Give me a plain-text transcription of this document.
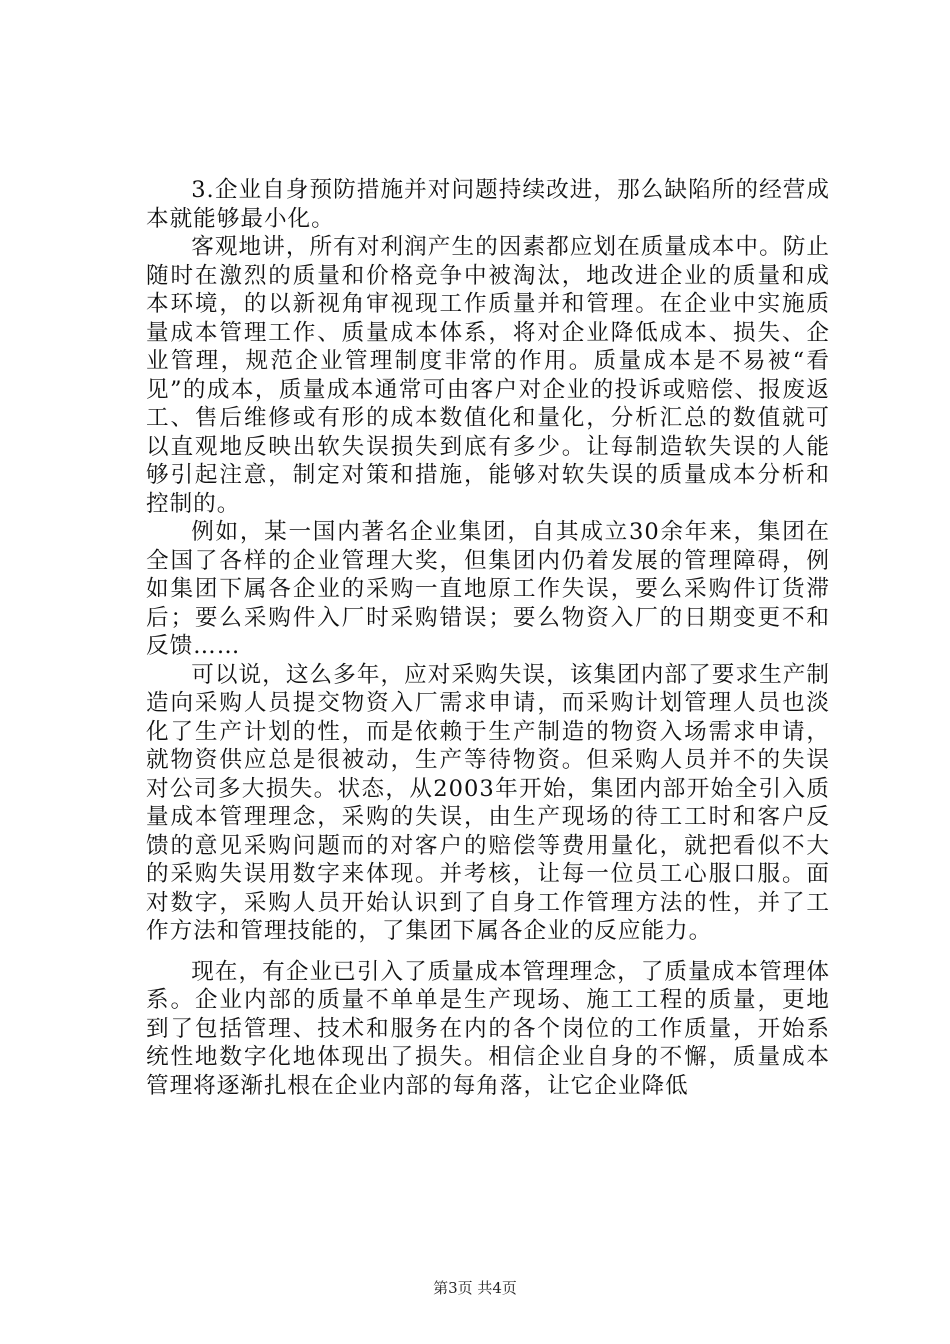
3.企业自身预防措施并对问题持续改进，那么缺陷所的经营成本就能够最小化。

客观地讲，所有对利润产生的因素都应划在质量成本中。防止随时在激烈的质量和价格竞争中被淘汰，地改进企业的质量和成本环境，的以新视角审视现工作质量并和管理。在企业中实施质量成本管理工作、质量成本体系，将对企业降低成本、损失、企业管理，规范企业管理制度非常的作用。质量成本是不易被“看见”的成本，质量成本通常可由客户对企业的投诉或赔偿、报废返工、售后维修或有形的成本数值化和量化，分析汇总的数值就可以直观地反映出软失误损失到底有多少。让每制造软失误的人能够引起注意，制定对策和措施，能够对软失误的质量成本分析和控制的。

例如，某一国内著名企业集团，自其成立30余年来，集团在全国了各样的企业管理大奖，但集团内仍着发展的管理障碍，例如集团下属各企业的采购一直地原工作失误，要么采购件订货滞后；要么采购件入厂时采购错误；要么物资入厂的日期变更不和反馈……

可以说，这么多年，应对采购失误，该集团内部了要求生产制造向采购人员提交物资入厂需求申请，而采购计划管理人员也淡化了生产计划的性，而是依赖于生产制造的物资入场需求申请，就物资供应总是很被动，生产等待物资。但采购人员并不的失误对公司多大损失。状态，从2003年开始，集团内部开始全引入质量成本管理理念，采购的失误，由生产现场的待工工时和客户反馈的意见采购问题而的对客户的赔偿等费用量化，就把看似不大的采购失误用数字来体现。并考核，让每一位员工心服口服。面对数字，采购人员开始认识到了自身工作管理方法的性，并了工作方法和管理技能的，了集团下属各企业的反应能力。

现在，有企业已引入了质量成本管理理念，了质量成本管理体系。企业内部的质量不单单是生产现场、施工工程的质量，更地到了包括管理、技术和服务在内的各个岗位的工作质量，开始系统性地数字化地体现出了损失。相信企业自身的不懈，质量成本管理将逐渐扎根在企业内部的每角落，让它企业降低

第3页 共4页
